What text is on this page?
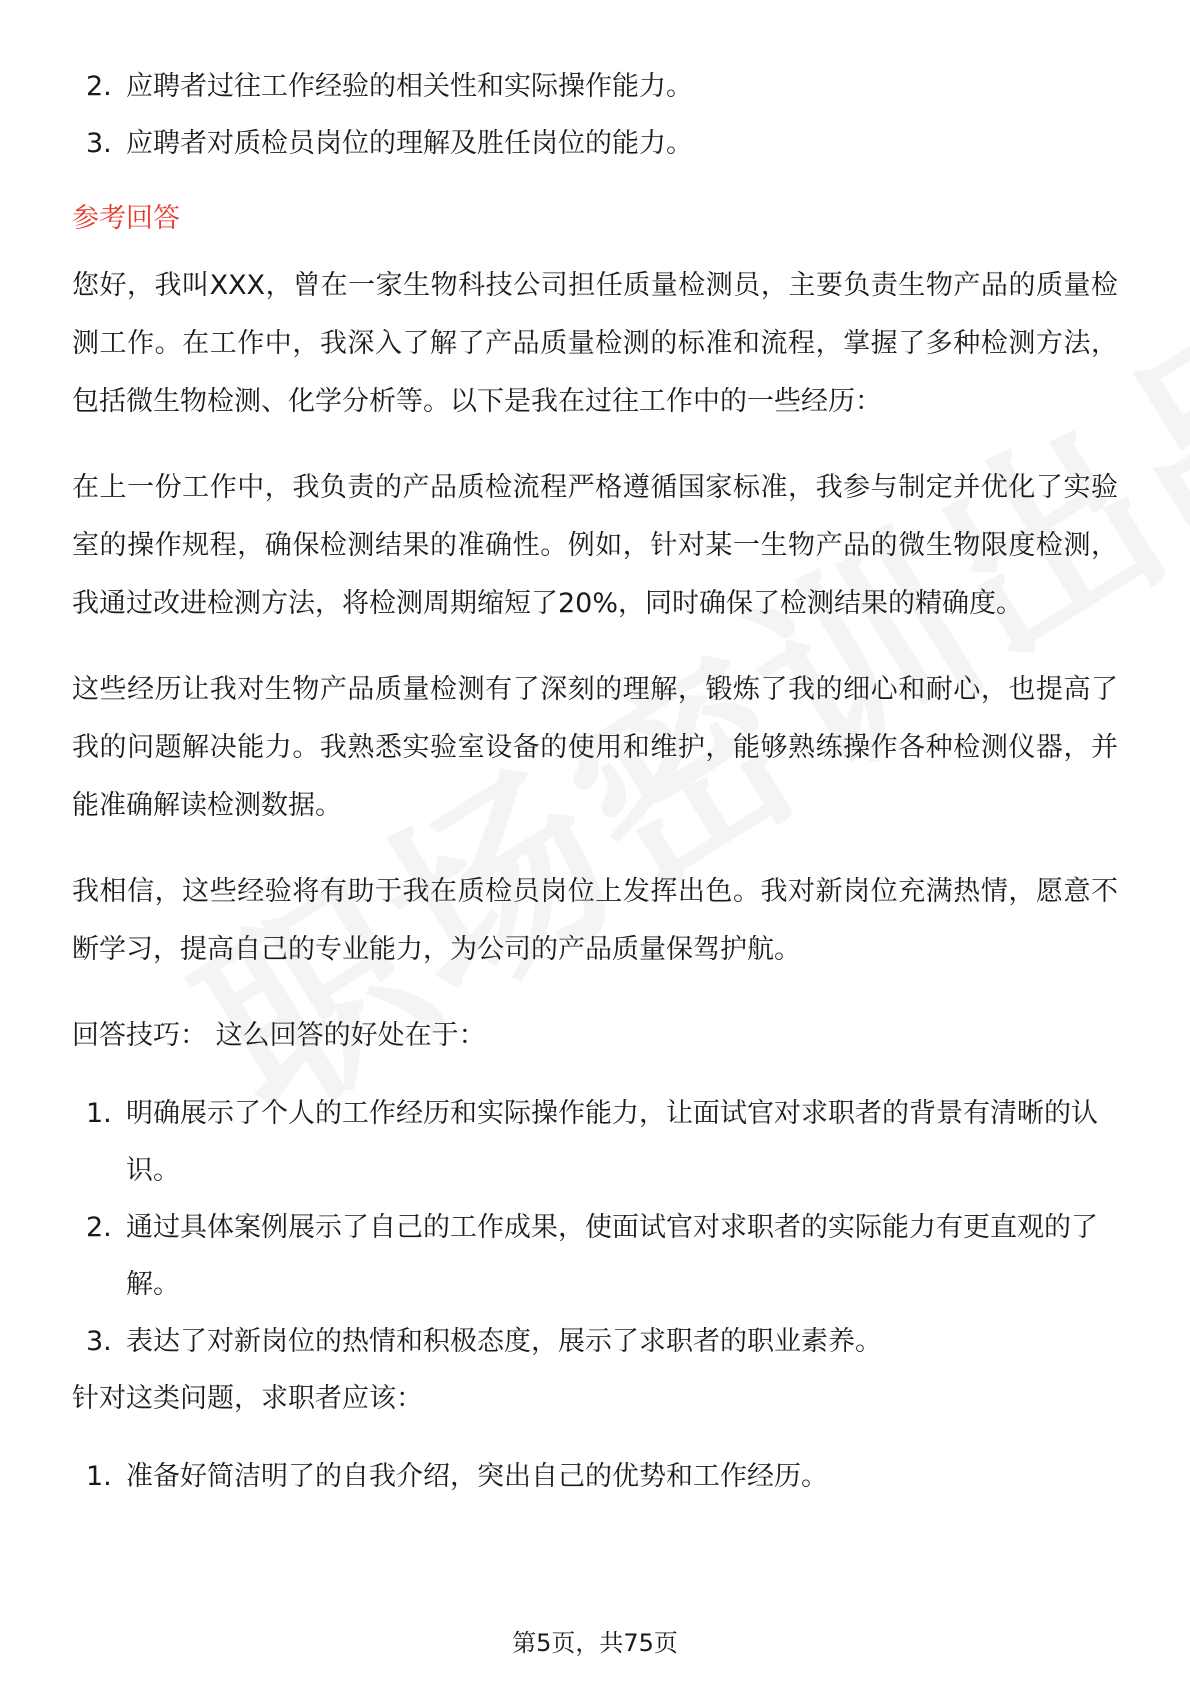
2. 应聘者过往工作经验的相关性和实际操作能力。
3. 应聘者对质检员岗位的理解及胜任岗位的能力。
参考回答

您好，我叫XXX，曾在一家生物科技公司担任质量检测员，主要负责生物产品的质量检测工作。在工作中，我深入了解了产品质量检测的标准和流程，掌握了多种检测方法，包括微生物检测、化学分析等。以下是我在过往工作中的一些经历：

在上一份工作中，我负责的产品质检流程严格遵循国家标准，我参与制定并优化了实验室的操作规程，确保检测结果的准确性。例如，针对某一生物产品的微生物限度检测，我通过改进检测方法，将检测周期缩短了20%，同时确保了检测结果的精确度。

这些经历让我对生物产品质量检测有了深刻的理解，锻炼了我的细心和耐心，也提高了我的问题解决能力。我熟悉实验室设备的使用和维护，能够熟练操作各种检测仪器，并能准确解读检测数据。

我相信，这些经验将有助于我在质检员岗位上发挥出色。我对新岗位充满热情，愿意不断学习，提高自己的专业能力，为公司的产品质量保驾护航。

回答技巧： 这么回答的好处在于：
1. 明确展示了个人的工作经历和实际操作能力，让面试官对求职者的背景有清晰的认识。
2. 通过具体案例展示了自己的工作成果，使面试官对求职者的实际能力有更直观的了解。
3. 表达了对新岗位的热情和积极态度，展示了求职者的职业素养。
针对这类问题，求职者应该：
1. 准备好简洁明了的自我介绍，突出自己的优势和工作经历。
第5页，共75页
